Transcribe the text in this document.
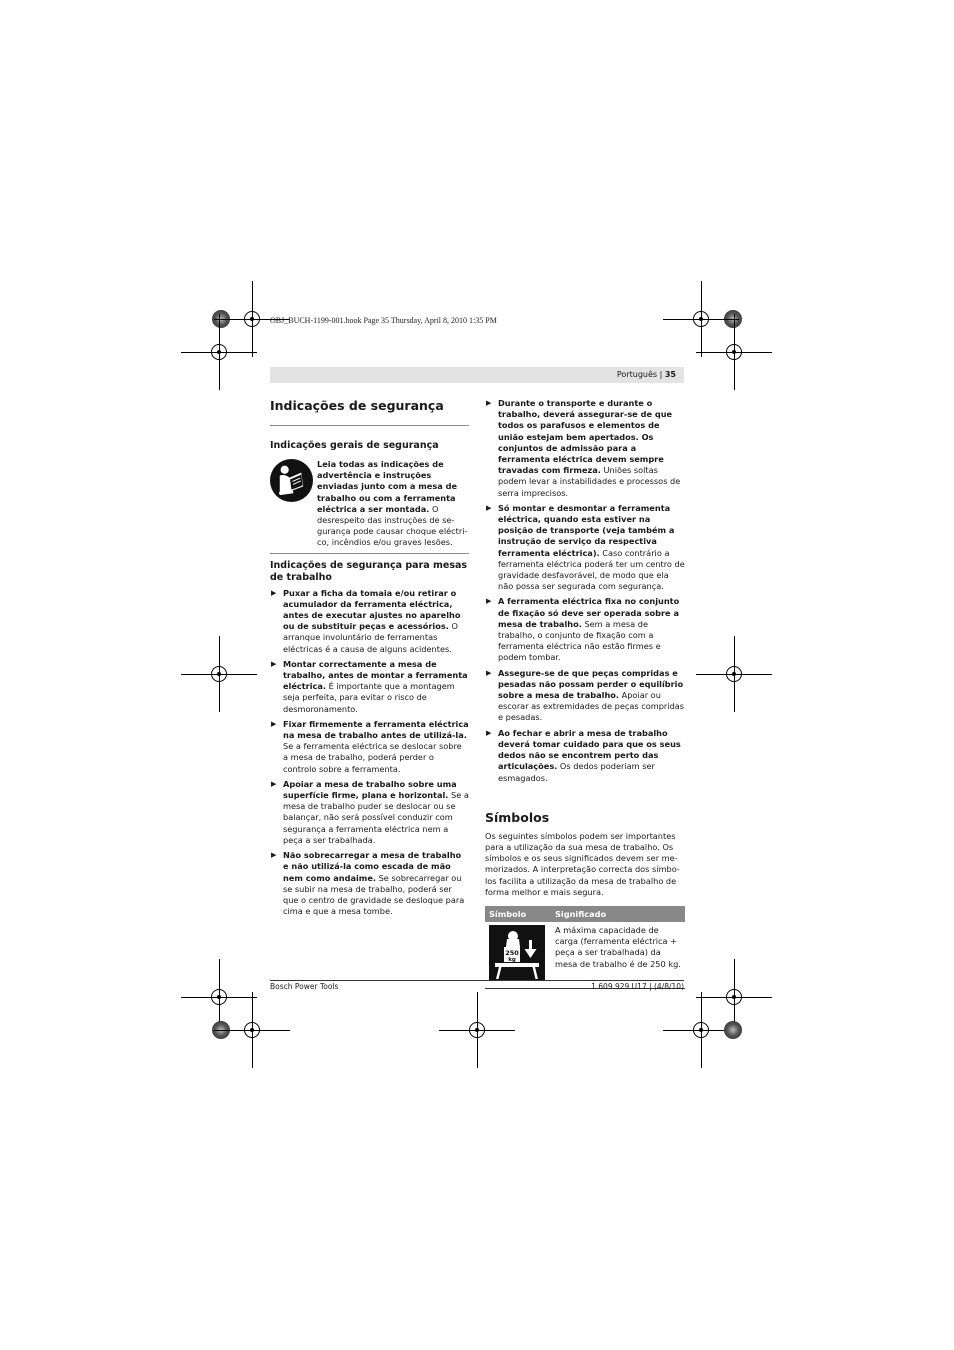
OBJ_BUCH-1199-001.book Page 35 Thursday, April 8, 2010 1:35 PM
Português | 35
Indicações de segurança
Indicações gerais de segurança

Leia todas as indicações de advertência e instruções enviadas junto com a mesa de trabalho ou com a ferramenta eléctrica a ser montada. O desrespeito das instruções de segurança pode causar choque eléctrico, incêndios e/ou graves lesões.

Indicações de segurança para mesas de trabalho
▶ Puxar a ficha da tomaia e/ou retirar o acumulador da ferramenta eléctrica, antes de executar ajustes no aparelho ou de substituir peças e acessórios. O arranque involuntário de ferramentas eléctricas é a causa de alguns acidentes.
▶ Montar correctamente a mesa de trabalho, antes de montar a ferramenta eléctrica. É importante que a montagem seja perfeita, para evitar o risco de desmoronamento.
▶ Fixar firmemente a ferramenta eléctrica na mesa de trabalho antes de utilizá-la. Se a ferramenta eléctrica se deslocar sobre a mesa de trabalho, poderá perder o controlo sobre a ferramenta.
▶ Apoiar a mesa de trabalho sobre uma superfície firme, plana e horizontal. Se a mesa de trabalho puder se deslocar ou se balançar, não será possível conduzir com segurança a ferramenta eléctrica nem a peça a ser trabalhada.
▶ Não sobrecarregar a mesa de trabalho e não utilizá-la como escada de mão nem como andaime. Se sobrecarregar ou se subir na mesa de trabalho, poderá ser que o centro de gravidade se desloque para cima e que a mesa tombe.
▶ Durante o transporte e durante o trabalho, deverá assegurar-se de que todos os parafusos e elementos de união estejam bem apertados. Os conjuntos de admissão para a ferramenta eléctrica devem sempre travadas com firmeza. Uniões soltas podem levar a instabilidades e processos de serra imprecisos.
▶ Só montar e desmontar a ferramenta eléctrica, quando esta estiver na posição de transporte (veja também a instrução de serviço da respectiva ferramenta eléctrica). Caso contrário a ferramenta eléctrica poderá ter um centro de gravidade desfavorável, de modo que ela não possa ser segurada com segurança.
▶ A ferramenta eléctrica fixa no conjunto de fixação só deve ser operada sobre a mesa de trabalho. Sem a mesa de trabalho, o conjunto de fixação com a ferramenta eléctrica não estão firmes e podem tombar.
▶ Assegure-se de que peças compridas e pesadas não possam perder o equilíbrio sobre a mesa de trabalho. Apoiar ou escorar as extremidades de peças compridas e pesadas.
▶ Ao fechar e abrir a mesa de trabalho deverá tomar cuidado para que os seus dedos não se encontrem perto das articulações. Os dedos poderiam ser esmagados.
Símbolos

Os seguintes símbolos podem ser importantes para a utilização da sua mesa de trabalho. Os símbolos e os seus significados devem ser memorizados. A interpretação correcta dos símbolos facilita a utilização da mesa de trabalho de forma melhor e mais segura.

Símbolo	Significado

250
kg	A máxima capacidade de carga (ferramenta eléctrica + peça a ser trabalhada) da mesa de trabalho é de 250 kg.
Bosch Power Tools	1 609 929 U17 | (4/8/10)
